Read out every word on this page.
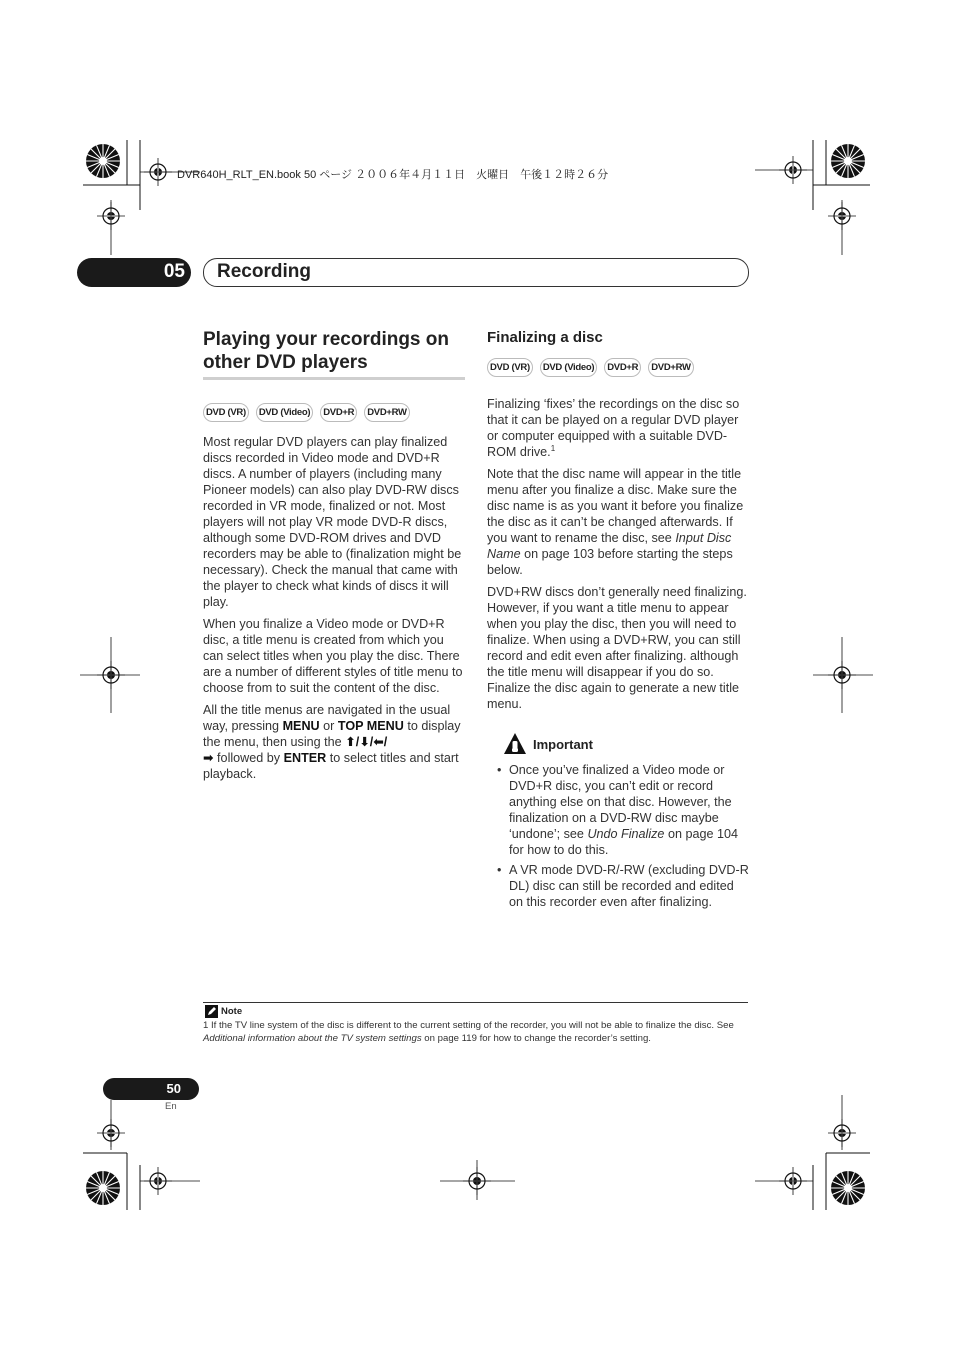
DVR640H_RLT_EN.book 50 ページ ２００６年４月１１日　火曜日　午後１２時２６分
05 Recording
Playing your recordings on
other DVD players
DVD (VR)	DVD (Video)	DVD+R	DVD+RW

Most regular DVD players can play finalized discs recorded in Video mode and DVD+R discs. A number of players (including many Pioneer models) can also play DVD-RW discs recorded in VR mode, finalized or not. Most players will not play VR mode DVD-R discs, although some DVD-ROM drives and DVD recorders may be able to (finalization might be necessary). Check the manual that came with the player to check what kinds of discs it will play.

When you finalize a Video mode or DVD+R disc, a title menu is created from which you can select titles when you play the disc. There are a number of different styles of title menu to choose from to suit the content of the disc.

All the title menus are navigated in the usual way, pressing MENU or TOP MENU to display the menu, then using the ⬆/⬇/⬅/
➡ followed by ENTER to select titles and start playback.

Finalizing a disc
DVD (VR)	DVD (Video)	DVD+R	DVD+RW

Finalizing ‘fixes’ the recordings on the disc so that it can be played on a regular DVD player or computer equipped with a suitable DVD-ROM drive.$^1$

Note that the disc name will appear in the title menu after you finalize a disc. Make sure the disc name is as you want it before you finalize the disc as it can’t be changed afterwards. If you want to rename the disc, see Input Disc Name on page 103 before starting the steps below.

DVD+RW discs don’t generally need finalizing. However, if you want a title menu to appear when you play the disc, then you will need to finalize. When using a DVD+RW, you can still record and edit even after finalizing. although the title menu will disappear if you do so. Finalize the disc again to generate a new title menu.

Important
• Once you’ve finalized a Video mode or DVD+R disc, you can’t edit or record anything else on that disc. However, the finalization on a DVD-RW disc maybe ‘undone’; see Undo Finalize on page 104 for how to do this.
• A VR mode DVD-R/-RW (excluding DVD-R DL) disc can still be recorded and edited on this recorder even after finalizing.
Note
1 If the TV line system of the disc is different to the current setting of the recorder, you will not be able to finalize the disc. See Additional information about the TV system settings on page 119 for how to change the recorder’s setting.
50
En
